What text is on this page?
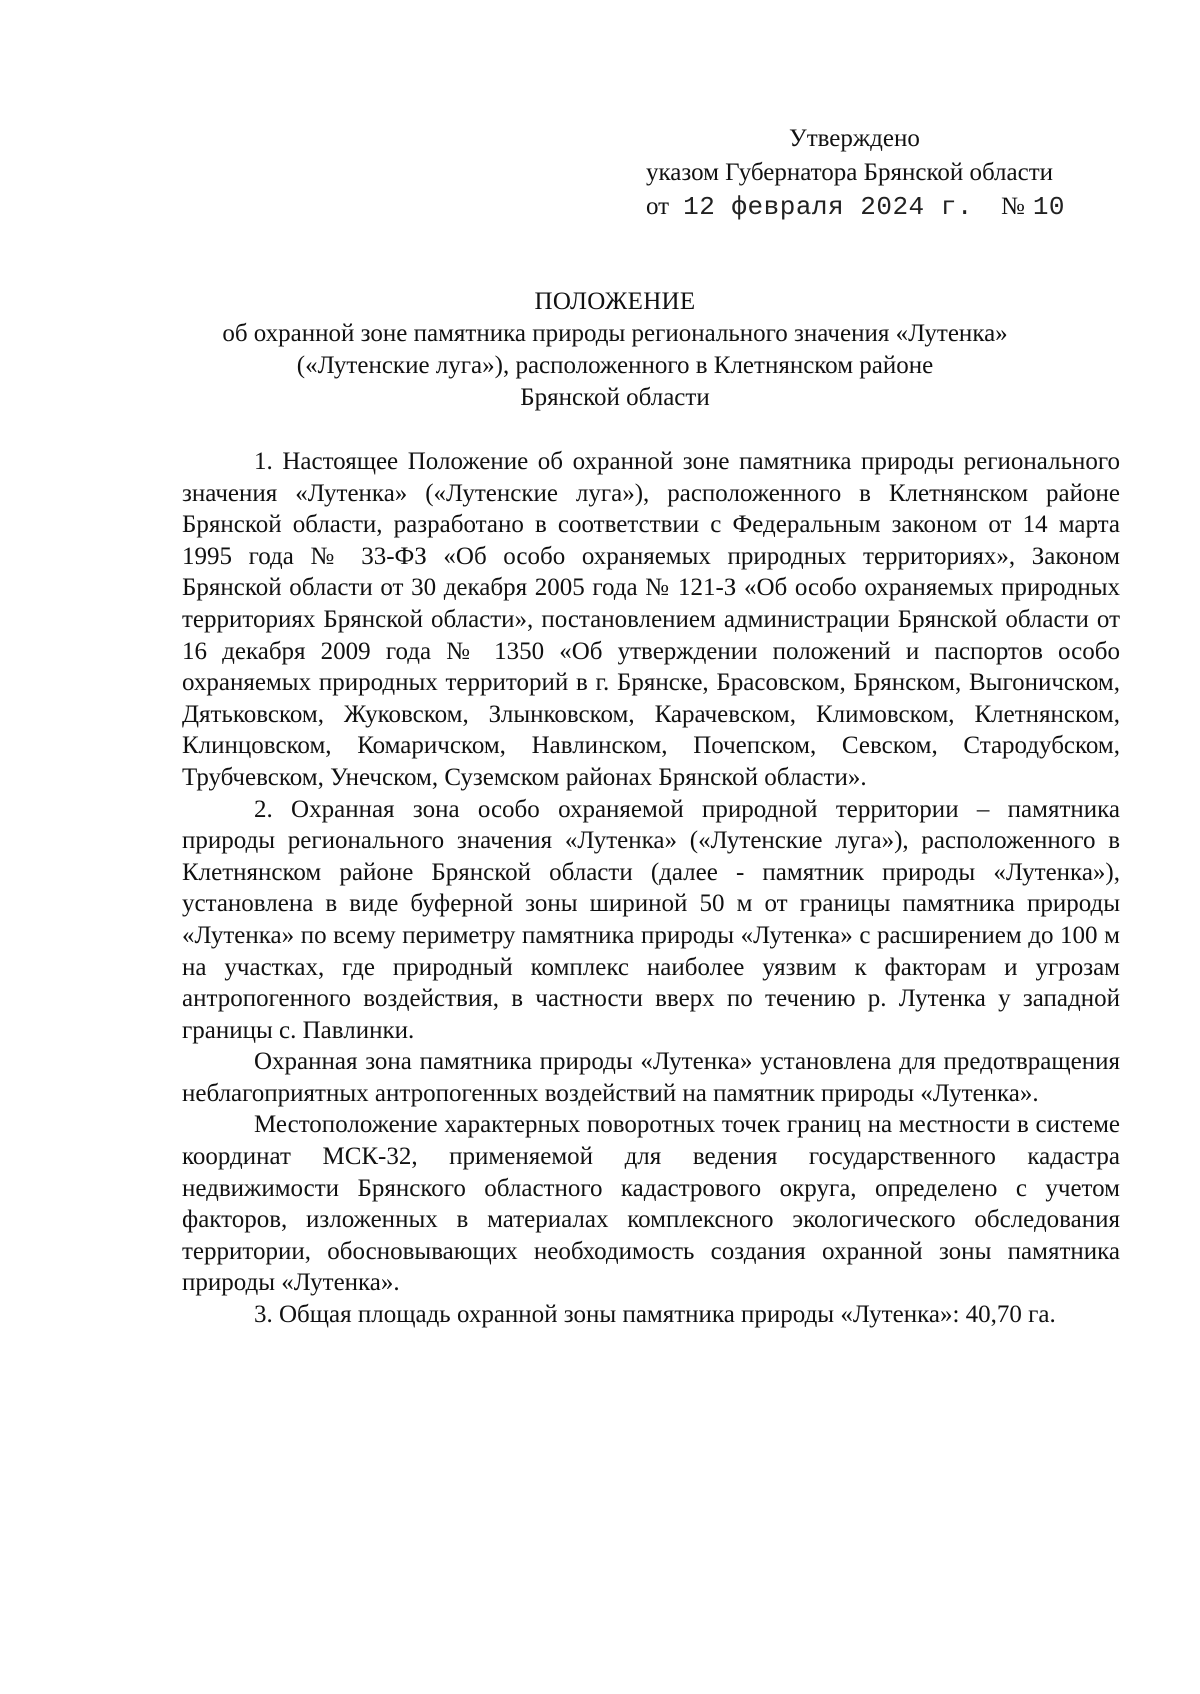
Утверждено
указом Губернатора Брянской области
от 12 февраля 2024 г. № 10
ПОЛОЖЕНИЕ
об охранной зоне памятника природы регионального значения «Лутенка»
(«Лутенские луга»), расположенного в Клетнянском районе
Брянской области

1. Настоящее Положение об охранной зоне памятника природы регионального значения «Лутенка» («Лутенские луга»), расположенного в Клетнянском районе Брянской области, разработано в соответствии с Федеральным законом от 14 марта 1995 года № 33-ФЗ «Об особо охраняемых природных территориях», Законом Брянской области от 30 декабря 2005 года № 121-З «Об особо охраняемых природных территориях Брянской области», постановлением администрации Брянской области от 16 декабря 2009 года № 1350 «Об утверждении положений и паспортов особо охраняемых природных территорий в г. Брянске, Брасовском, Брянском, Выгоничском, Дятьковском, Жуковском, Злынковском, Карачевском, Климовском, Клетнянском, Клинцовском, Комаричском, Навлинском, Почепском, Севском, Стародубском, Трубчевском, Унечском, Суземском районах Брянской области».

2. Охранная зона особо охраняемой природной территории – памятника природы регионального значения «Лутенка» («Лутенские луга»), расположенного в Клетнянском районе Брянской области (далее - памятник природы «Лутенка»), установлена в виде буферной зоны шириной 50 м от границы памятника природы «Лутенка» по всему периметру памятника природы «Лутенка» с расширением до 100 м на участках, где природный комплекс наиболее уязвим к факторам и угрозам антропогенного воздействия, в частности вверх по течению р. Лутенка у западной границы с. Павлинки.

Охранная зона памятника природы «Лутенка» установлена для предотвращения неблагоприятных антропогенных воздействий на памятник природы «Лутенка».

Местоположение характерных поворотных точек границ на местности в системе координат МСК-32, применяемой для ведения государственного кадастра недвижимости Брянского областного кадастрового округа, определено с учетом факторов, изложенных в материалах комплексного экологического обследования территории, обосновывающих необходимость создания охранной зоны памятника природы «Лутенка».

3. Общая площадь охранной зоны памятника природы «Лутенка»: 40,70 га.
